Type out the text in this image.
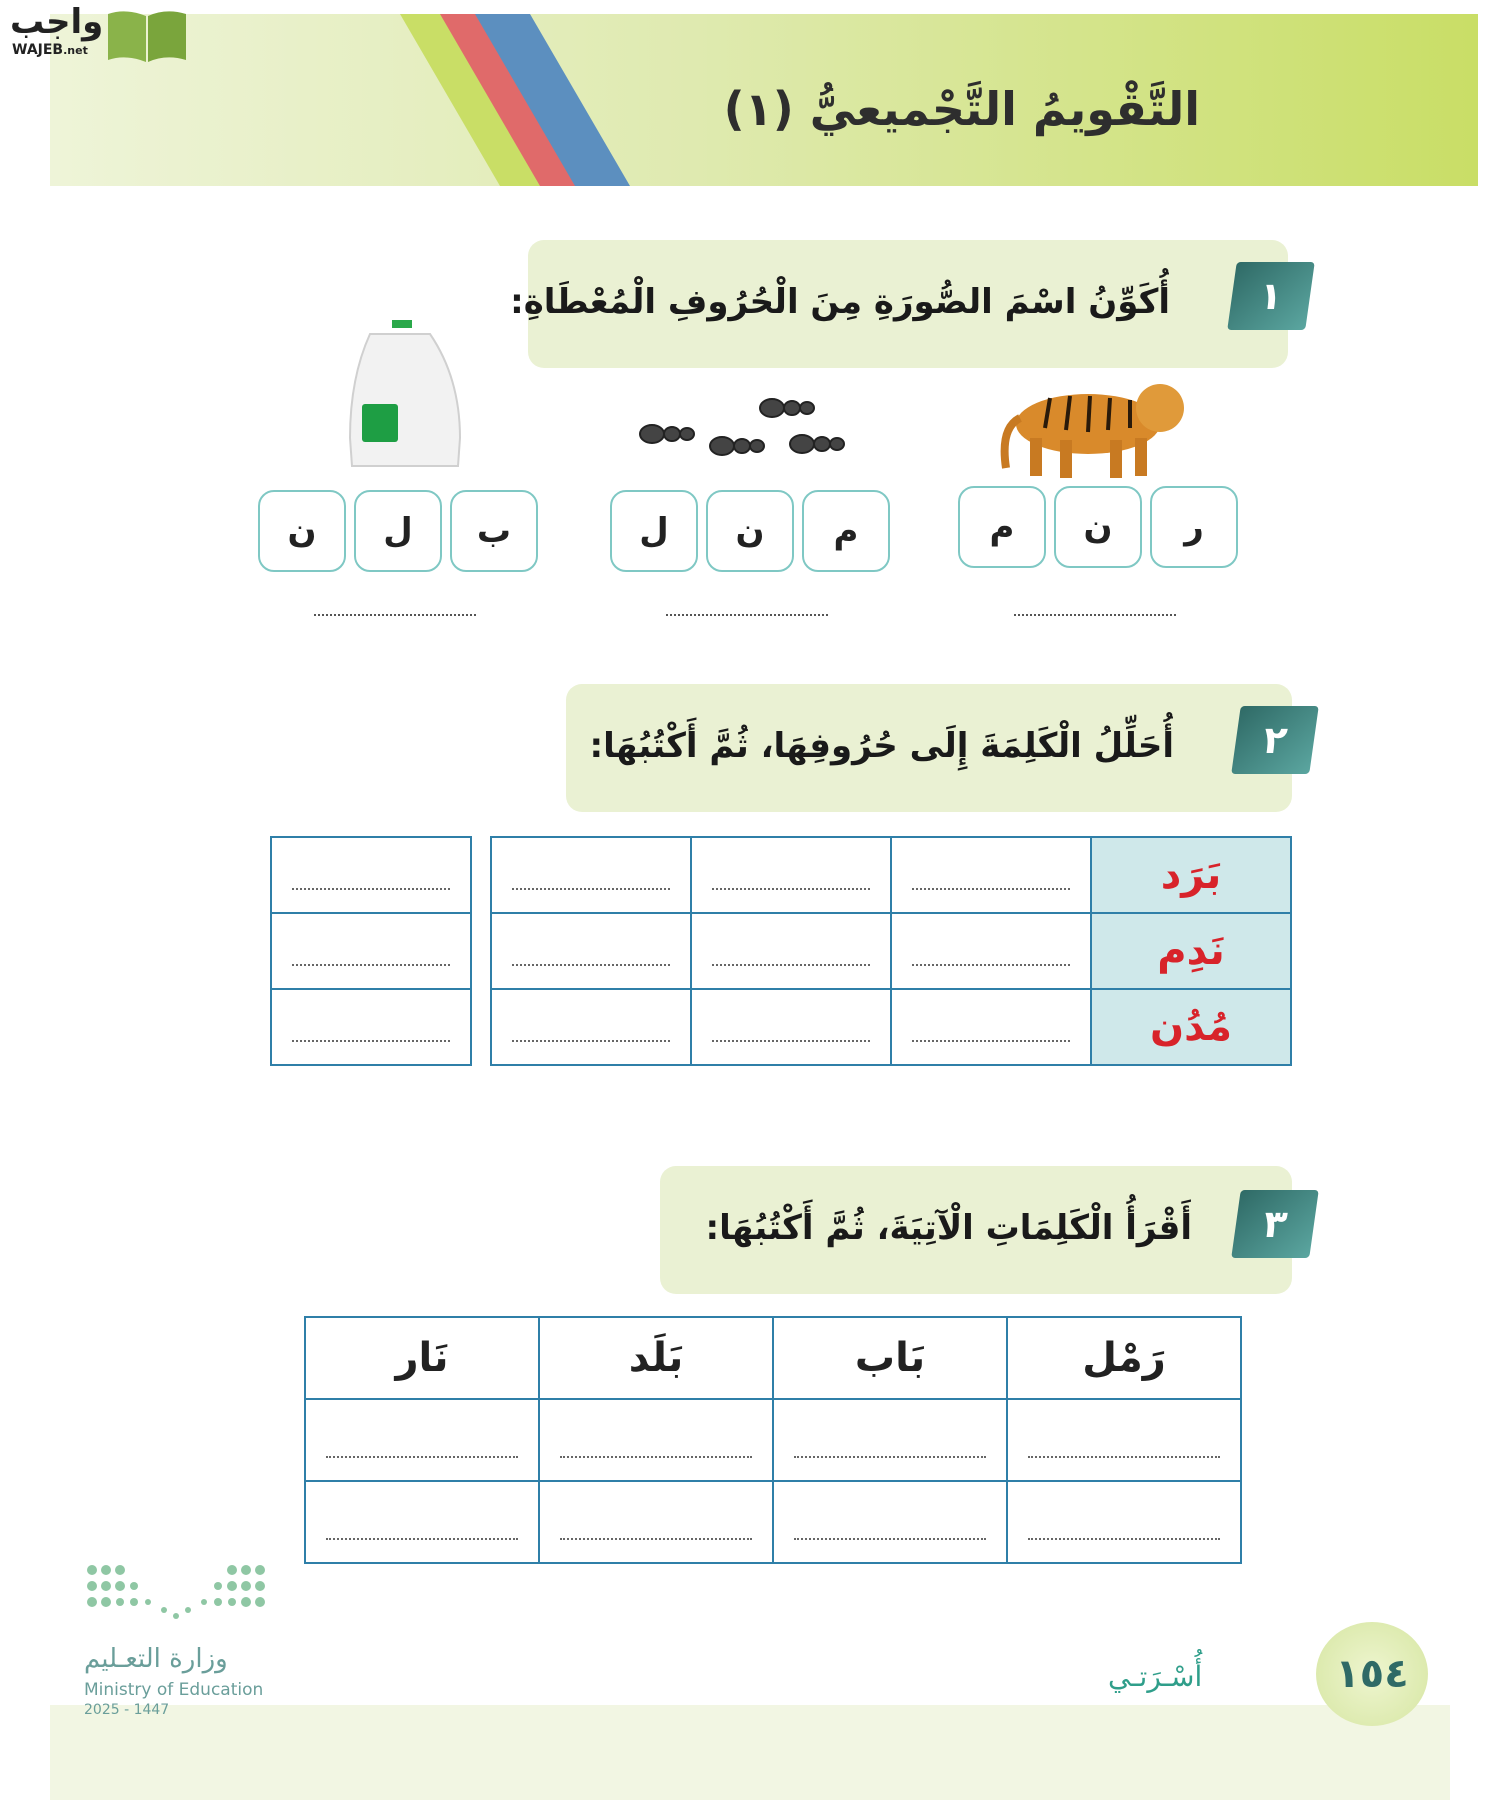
التَّقْويمُ التَّجْميعيُّ (١)
واجب
WAJEB.net
أُكَوِّنُ اسْمَ الصُّورَةِ مِنَ الْحُرُوفِ الْمُعْطَاةِ:	١
ر
ن
م
م
ن
ل
ب
ل
ن
أُحَلِّلُ الْكَلِمَةَ إِلَى حُرُوفِهَا، ثُمَّ أَكْتُبُهَا:	٢

	بَرَد

	نَدِم

	مُدُن

أَقْرَأُ الْكَلِمَاتِ الْآتِيَةَ، ثُمَّ أَكْتُبُهَا:	٣
نَار	بَلَد	بَاب	رَمْل

وزارة التعـليم
Ministry of Education
2025 - 1447
أُسْـرَتـي	١٥٤
